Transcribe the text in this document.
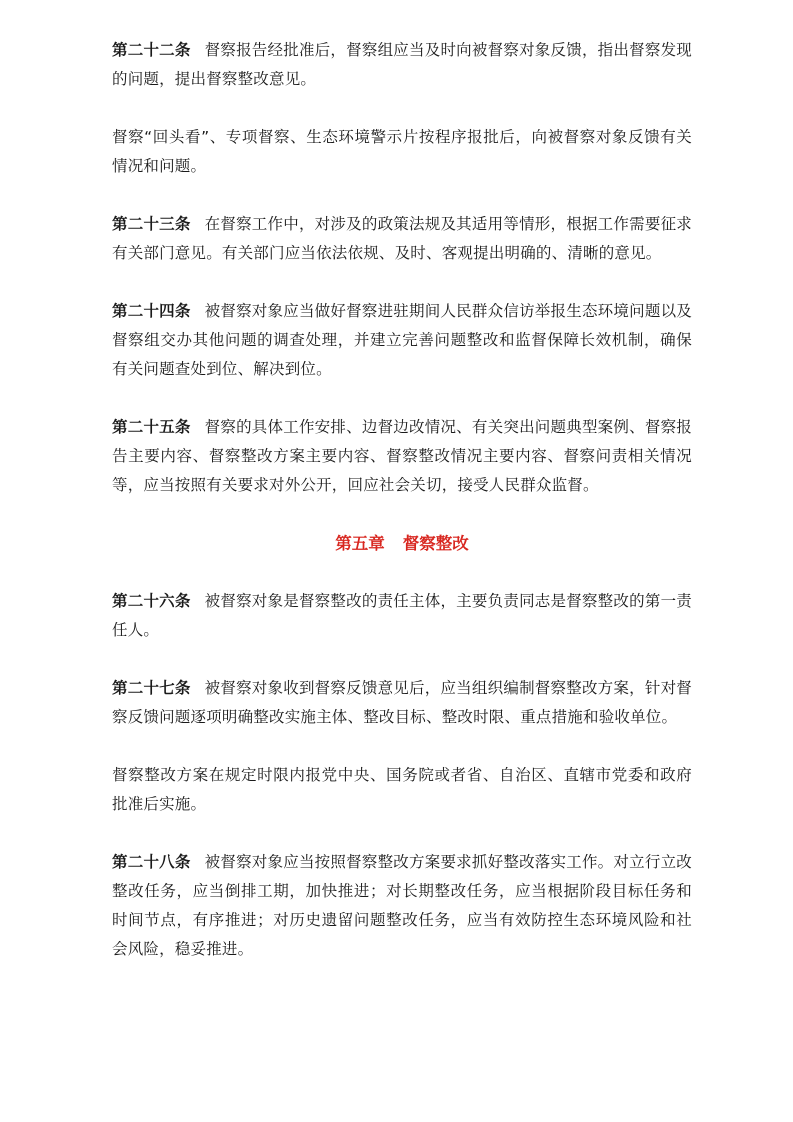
第二十二条 督察报告经批准后，督察组应当及时向被督察对象反馈，指出督察发现的问题，提出督察整改意见。

督察“回头看”、专项督察、生态环境警示片按程序报批后，向被督察对象反馈有关情况和问题。

第二十三条 在督察工作中，对涉及的政策法规及其适用等情形，根据工作需要征求有关部门意见。有关部门应当依法依规、及时、客观提出明确的、清晰的意见。

第二十四条 被督察对象应当做好督察进驻期间人民群众信访举报生态环境问题以及督察组交办其他问题的调查处理，并建立完善问题整改和监督保障长效机制，确保有关问题查处到位、解决到位。

第二十五条 督察的具体工作安排、边督边改情况、有关突出问题典型案例、督察报告主要内容、督察整改方案主要内容、督察整改情况主要内容、督察问责相关情况等，应当按照有关要求对外公开，回应社会关切，接受人民群众监督。

第五章 督察整改

第二十六条 被督察对象是督察整改的责任主体，主要负责同志是督察整改的第一责任人。

第二十七条 被督察对象收到督察反馈意见后，应当组织编制督察整改方案，针对督察反馈问题逐项明确整改实施主体、整改目标、整改时限、重点措施和验收单位。

督察整改方案在规定时限内报党中央、国务院或者省、自治区、直辖市党委和政府批准后实施。

第二十八条 被督察对象应当按照督察整改方案要求抓好整改落实工作。对立行立改整改任务，应当倒排工期，加快推进；对长期整改任务，应当根据阶段目标任务和时间节点，有序推进；对历史遗留问题整改任务，应当有效防控生态环境风险和社会风险，稳妥推进。
